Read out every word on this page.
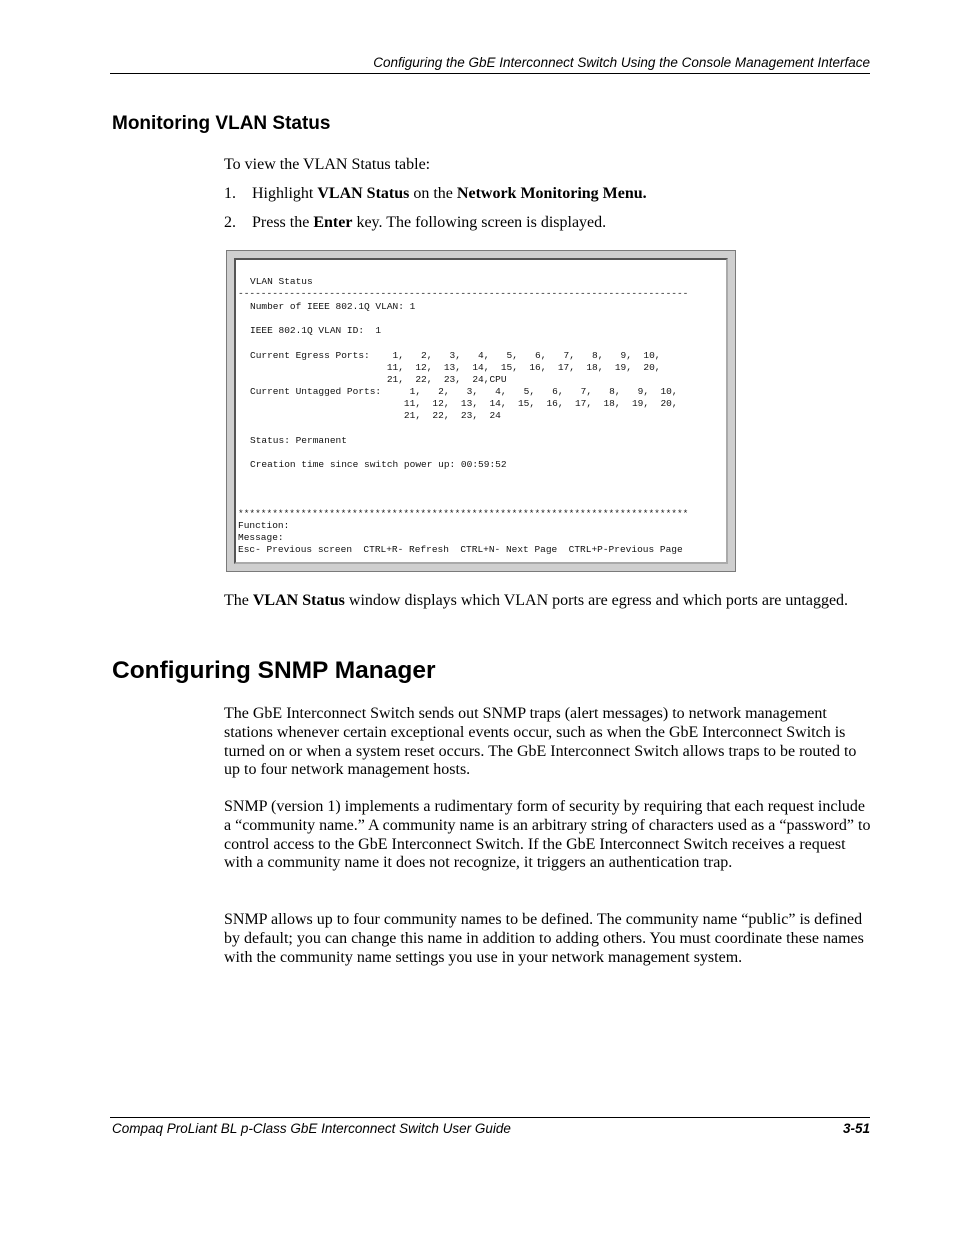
Configuring the GbE Interconnect Switch Using the Console Management Interface
Monitoring VLAN Status
To view the VLAN Status table:
1. Highlight VLAN Status on the Network Monitoring Menu.
2. Press the Enter key. The following screen is displayed.

VLAN Status

-------------------------------------------------------------------------------

Number of IEEE 802.1Q VLAN: 1

IEEE 802.1Q VLAN ID:  1

Current Egress Ports:    1,   2,   3,   4,   5,   6,   7,   8,   9,  10,

11,  12,  13,  14,  15,  16,  17,  18,  19,  20,

21,  22,  23,  24,CPU

Current Untagged Ports:     1,   2,   3,   4,   5,   6,   7,   8,   9,  10,

11,  12,  13,  14,  15,  16,  17,  18,  19,  20,

21,  22,  23,  24

Status: Permanent

Creation time since switch power up: 00:59:52

*******************************************************************************

Function:

Message:

Esc- Previous screen  CTRL+R- Refresh  CTRL+N- Next Page  CTRL+P-Previous Page

The VLAN Status window displays which VLAN ports are egress and which ports are untagged.
Configuring SNMP Manager

The GbE Interconnect Switch sends out SNMP traps (alert messages) to network management stations whenever certain exceptional events occur, such as when the GbE Interconnect Switch is turned on or when a system reset occurs. The GbE Interconnect Switch allows traps to be routed to up to four network management hosts.

SNMP (version 1) implements a rudimentary form of security by requiring that each request include a “community name.” A community name is an arbitrary string of characters used as a “password” to control access to the GbE Interconnect Switch. If the GbE Interconnect Switch receives a request with a community name it does not recognize, it triggers an authentication trap.

SNMP allows up to four community names to be defined. The community name “public” is defined by default; you can change this name in addition to adding others. You must coordinate these names with the community name settings you use in your network management system.

Compaq ProLiant BL p-Class GbE Interconnect Switch User Guide	3-51
